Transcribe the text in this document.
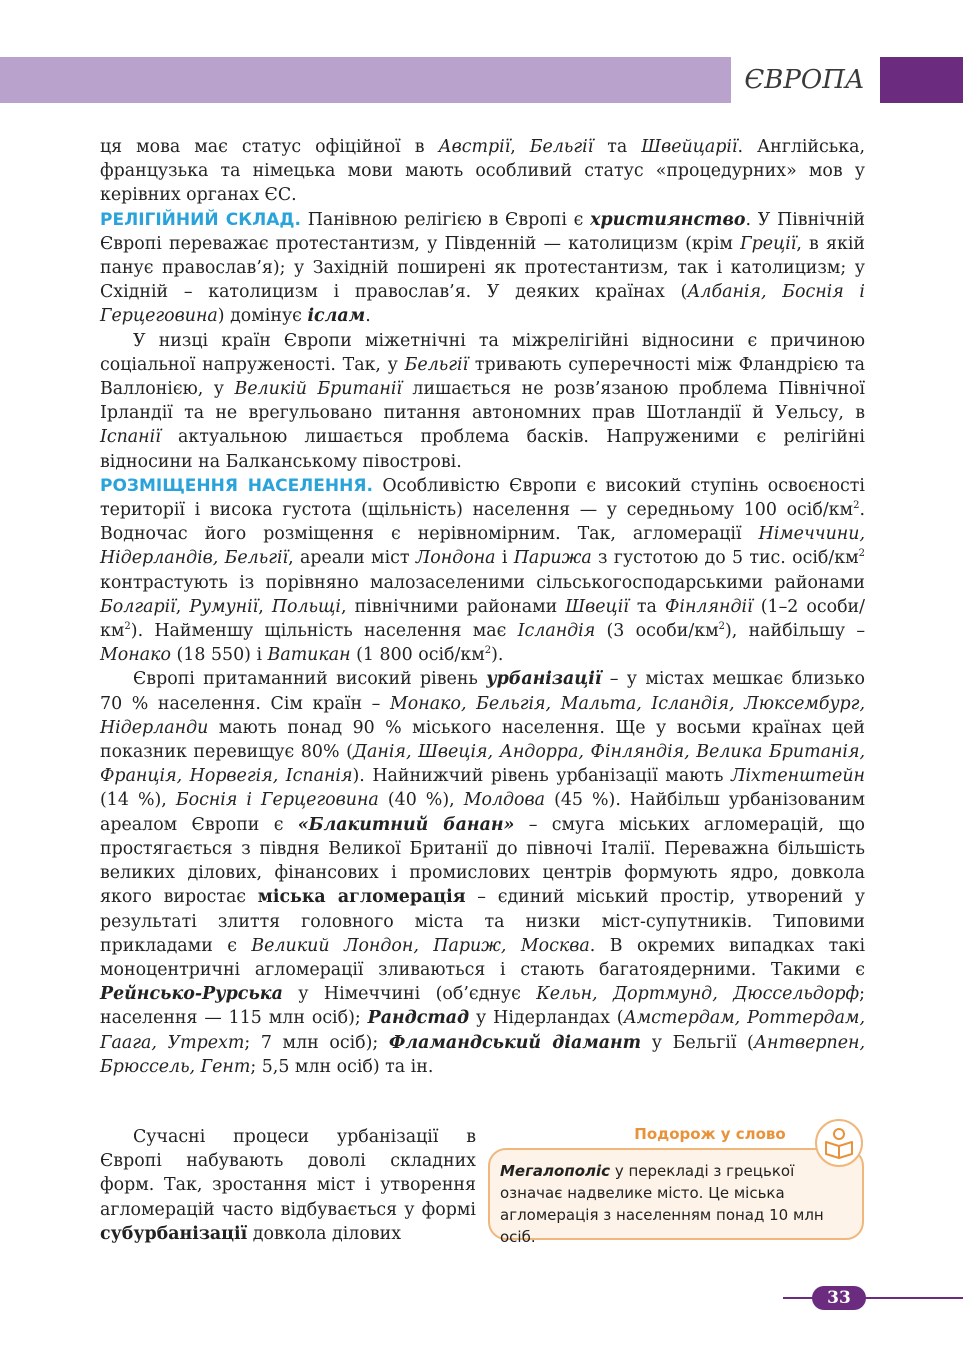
ЄВРОПА

ця мова має статус офіційної в Австрії, Бельгії та Швейцарії. Англійська, французька та німецька мови мають особливий статус «процедурних» мов у керівних органах ЄС.

РЕЛІГІЙНИЙ СКЛАД. Панівною релігією в Європі є християнство. У Північній Європі переважає протестантизм, у Південній — католицизм (крім Греції, в якій панує православ’я); у Західній поширені як протестантизм, так і католицизм; у Східній – католицизм і православ’я. У деяких країнах (Албанія, Боснія і Герцеговина) домінує іслам.

У низці країн Європи міжетнічні та міжрелігійні відносини є причиною соціальної напруженості. Так, у Бельгії тривають суперечності між Фландрією та Валлонією, у Великій Британії лишається не розв’язаною проблема Північної Ірландії та не врегульовано питання автономних прав Шотландії й Уельсу, в Іспанії актуальною лишається проблема басків. Напруженими є релігійні відносини на Балканському півострові.

РОЗМІЩЕННЯ НАСЕЛЕННЯ. Особливістю Європи є високий ступінь освоєності території і висока густота (щільність) населення — у середньому 100 осіб/$км^2$. Водночас його розміщення є нерівномірним. Так, агломерації Німеччини, Нідерландів, Бельгії, ареали міст Лондона і Парижа з густотою до 5 тис. осіб/$км^2$ контрастують із порівняно малозаселеними сільськогосподарськими районами Болгарії, Румунії, Польщі, північними районами Швеції та Фінляндії (1–2 особи/$км^2$). Найменшу щільність населення має Ісландія (3 особи/$км^2$), найбільшу – Монако (18 550) і Ватикан (1 800 осіб/$км^2$).

Європі притаманний високий рівень урбанізації – у містах мешкає близько 70 % населення. Сім країн – Монако, Бельгія, Мальта, Ісландія, Люксембург, Нідерланди мають понад 90 % міського населення. Ще у восьми країнах цей показник перевищує 80% (Данія, Швеція, Андорра, Фінляндія, Велика Британія, Франція, Норвегія, Іспанія). Найнижчий рівень урбанізації мають Ліхтенштейн (14 %), Боснія і Герцеговина (40 %), Молдова (45 %). Найбільш урбанізованим ареалом Європи є «Блакитний банан» – смуга міських агломерацій, що простягається з півдня Великої Британії до півночі Італії. Переважна більшість великих ділових, фінансових і промислових центрів формують ядро, довкола якого виростає міська агломерація – єдиний міський простір, утворений у результаті злиття головного міста та низки міст-супутників. Типовими прикладами є Великий Лондон, Париж, Москва. В окремих випадках такі моноцентричні агломерації зливаються і стають багатоядерними. Такими є Рейнсько-Рурська у Німеччині (об’єднує Кельн, Дортмунд, Дюссельдорф; населення — 115 млн осіб); Рандстад у Нідерландах (Амстердам, Роттердам, Гаага, Утрехт; 7 млн осіб); Фламандський діамант у Бельгії (Антверпен, Брюссель, Гент; 5,5 млн осіб) та ін.

Сучасні процеси урбанізації в Європі набувають доволі складних форм. Так, зростання міст і утворення агломерацій часто відбувається у формі субурбанізації довкола ділових

Подорож у слово
Мегалополіс у перекладі з грецької означає надвелике місто. Це міська агломерація з населенням понад 10 млн осіб.
33
